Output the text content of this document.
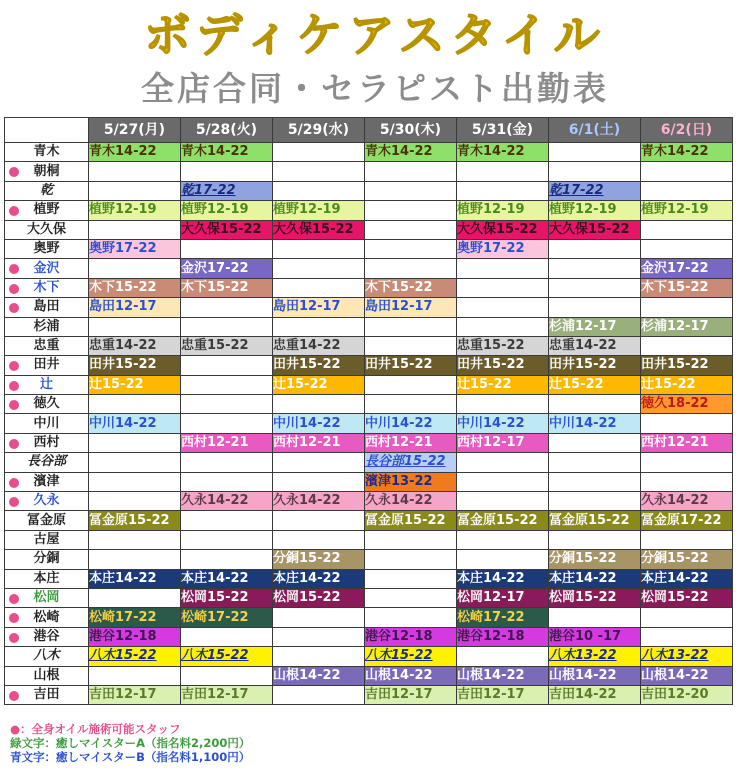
ボディケアスタイル
全店合同・セラピスト出勤表
	5/27(月)	5/28(火)	5/29(水)	5/30(木)	5/31(金)	6/1(土)	6/2(日)
青木	青木14-22	青木14-22		青木14-22	青木14-22		青木14-22

朝桐							
乾		乾17-22				乾17-22	

植野	植野12-19	植野12-19	植野12-19		植野12-19	植野12-19	植野12-19
大久保		大久保15-22	大久保15-22		大久保15-22	大久保15-22	
奥野	奥野17-22				奥野17-22		

金沢		金沢17-22					金沢17-22

木下	木下15-22	木下15-22		木下15-22			木下15-22

島田	島田12-17		島田12-17	島田12-17			
杉浦						杉浦12-17	杉浦12-17
忠重	忠重14-22	忠重15-22	忠重14-22		忠重15-22	忠重14-22	

田井	田井15-22		田井15-22	田井15-22	田井15-22	田井15-22	田井15-22

辻	辻15-22		辻15-22		辻15-22	辻15-22	辻15-22

徳久							徳久18-22
中川	中川14-22		中川14-22	中川14-22	中川14-22	中川14-22	

西村		西村12-21	西村12-21	西村12-21	西村12-17		西村12-21
長谷部				長谷部15-22			

濱津				濱津13-22			

久永		久永14-22	久永14-22	久永14-22			久永14-22
冨金原	冨金原15-22			冨金原15-22	冨金原15-22	冨金原15-22	冨金原17-22
古屋							
分銅			分銅15-22			分銅15-22	分銅15-22
本庄	本庄14-22	本庄14-22	本庄14-22		本庄14-22	本庄14-22	本庄14-22

松岡		松岡15-22	松岡15-22		松岡12-17	松岡15-22	松岡15-22

松崎	松崎17-22	松崎17-22			松崎17-22		

港谷	港谷12-18			港谷12-18	港谷12-18	港谷10 -17	
八木	八木15-22	八木15-22		八木15-22		八木13-22	八木13-22
山根			山根14-22	山根14-22	山根14-22	山根14-22	山根14-22

吉田	吉田12-17	吉田12-17		吉田12-17	吉田12-17	吉田14-22	吉田12-20
●：全身オイル施術可能スタッフ
緑文字：癒しマイスターA（指名料2,200円）
青文字：癒しマイスターB（指名料1,100円）
